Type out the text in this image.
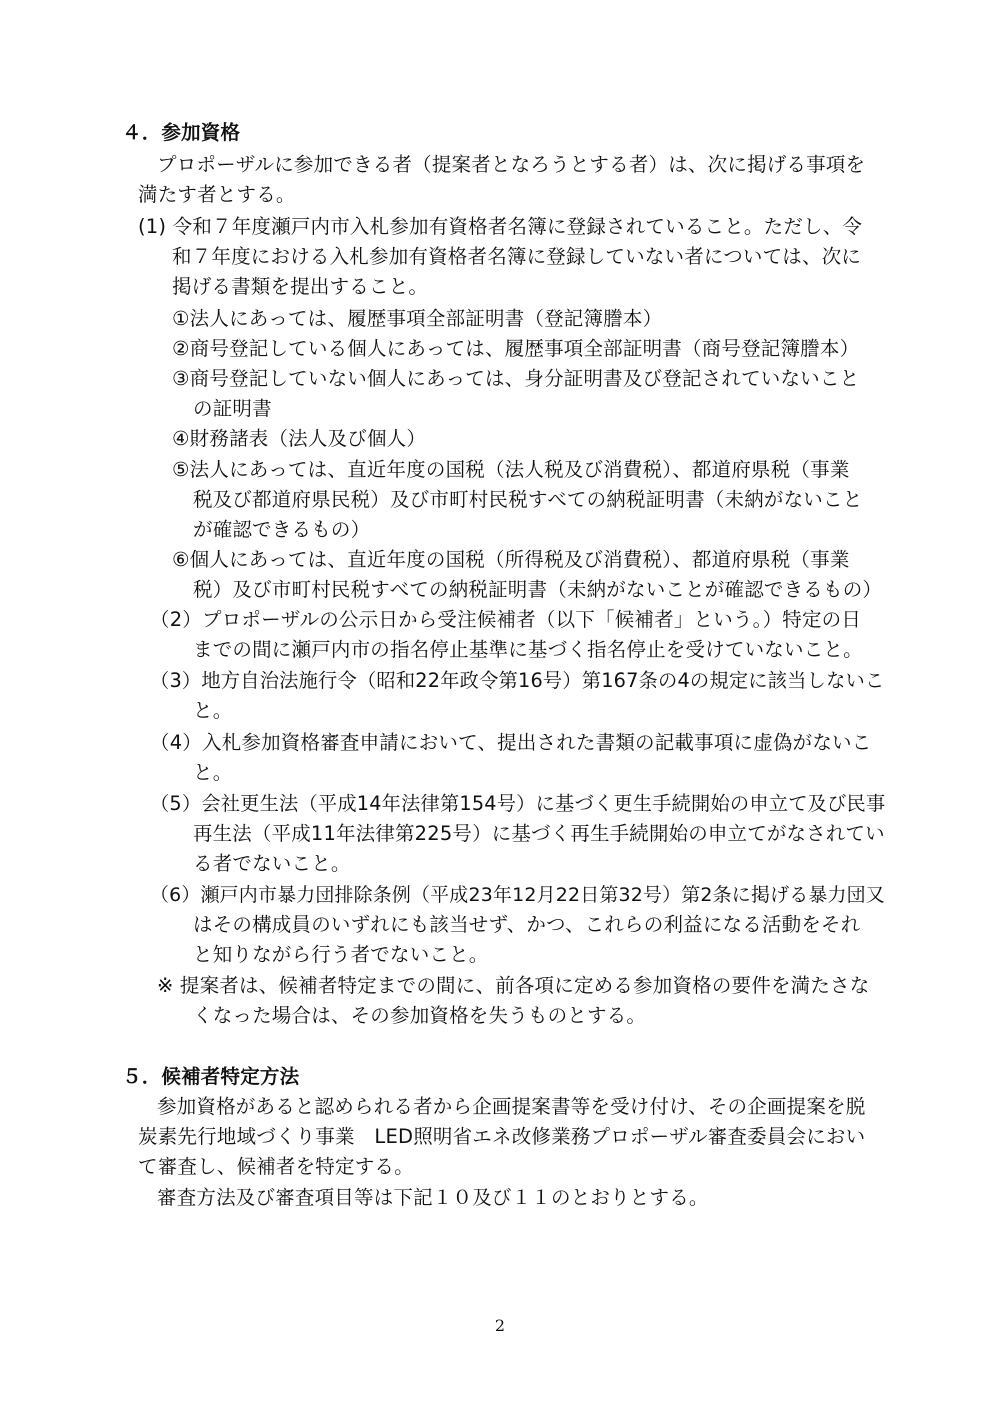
４．参加資格
プロポーザルに参加できる者（提案者となろうとする者）は、次に掲げる事項を
満たす者とする。
(1) 令和７年度瀬戸内市入札参加有資格者名簿に登録されていること。ただし、令
和７年度における入札参加有資格者名簿に登録していない者については、次に
掲げる書類を提出すること。
①法人にあっては、履歴事項全部証明書（登記簿謄本）
②商号登記している個人にあっては、履歴事項全部証明書（商号登記簿謄本）
③商号登記していない個人にあっては、身分証明書及び登記されていないこと
の証明書
④財務諸表（法人及び個人）
⑤法人にあっては、直近年度の国税（法人税及び消費税）、都道府県税（事業
税及び都道府県民税）及び市町村民税すべての納税証明書（未納がないこと
が確認できるもの）
⑥個人にあっては、直近年度の国税（所得税及び消費税）、都道府県税（事業
税）及び市町村民税すべての納税証明書（未納がないことが確認できるもの）
（2）プロポーザルの公示日から受注候補者（以下「候補者」という。）特定の日
までの間に瀬戸内市の指名停止基準に基づく指名停止を受けていないこと。
（3）地方自治法施行令（昭和22年政令第16号）第167条の4の規定に該当しないこ
と。
（4）入札参加資格審査申請において、提出された書類の記載事項に虚偽がないこ
と。
（5）会社更生法（平成14年法律第154号）に基づく更生手続開始の申立て及び民事
再生法（平成11年法律第225号）に基づく再生手続開始の申立てがなされてい
る者でないこと。
（6）瀬戸内市暴力団排除条例（平成23年12月22日第32号）第2条に掲げる暴力団又
はその構成員のいずれにも該当せず、かつ、これらの利益になる活動をそれ
と知りながら行う者でないこと。
※ 提案者は、候補者特定までの間に、前各項に定める参加資格の要件を満たさな
くなった場合は、その参加資格を失うものとする。
５．候補者特定方法
参加資格があると認められる者から企画提案書等を受け付け、その企画提案を脱
炭素先行地域づくり事業　LED照明省エネ改修業務プロポーザル審査委員会におい
て審査し、候補者を特定する。
審査方法及び審査項目等は下記１０及び１１のとおりとする。
2
